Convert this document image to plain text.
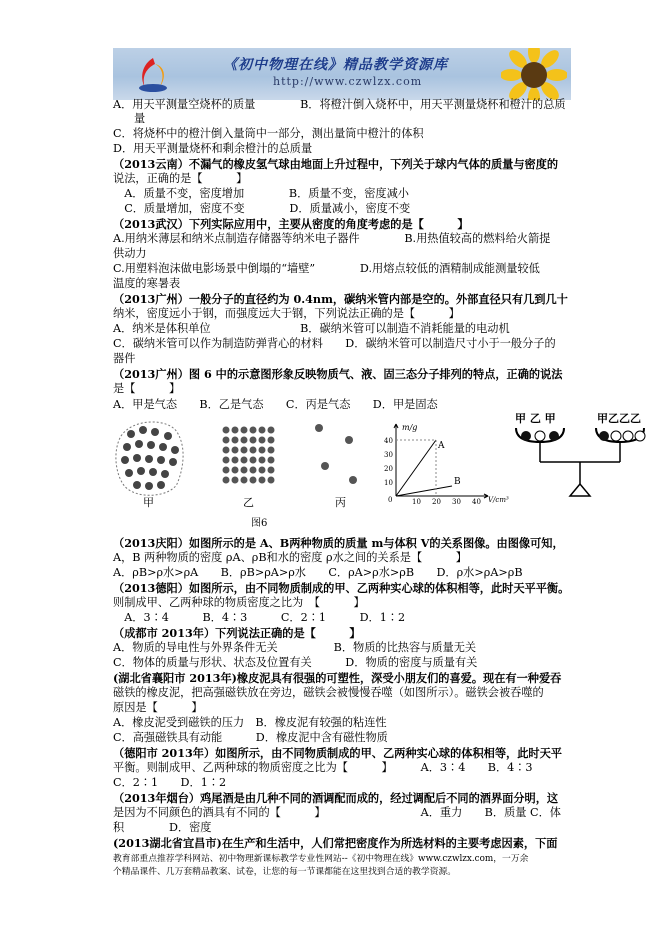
《初中物理在线》精品教学资源库
http://www.czwlzx.com
A．用天平测量空烧杯的质量　　　　B．将橙汁倒入烧杯中，用天平测量烧杯和橙汁的总质
量
C．将烧杯中的橙汁倒入量筒中一部分，测出量筒中橙汁的体积
D．用天平测量烧杯和剩余橙汁的总质量
（2013云南）不漏气的橡皮氢气球由地面上升过程中，下列关于球内气体的质量与密度的
说法，正确的是【　　　】
　A．质量不变，密度增加　　　　B．质量不变，密度减小
　C．质量增加，密度不变　　　　D．质量减小，密度不变
（2013武汉）下列实际应用中，主要从密度的角度考虑的是【　　　】
A.用纳米薄层和纳米点制造存储器等纳米电子器件　　　　B.用热值较高的燃料给火箭提
供动力
C.用塑料泡沫做电影场景中倒塌的“墙壁”　　　　D.用熔点较低的酒精制成能测量较低
温度的寒暑表
（2013广州）一般分子的直径约为 0.4nm，碳纳米管内部是空的。外部直径只有几到几十
纳米，密度远小于钢，而强度远大于钢，下列说法正确的是【　　　】
A．纳米是体积单位　　　　　　　　B．碳纳米管可以制造不消耗能量的电动机
C．碳纳米管可以作为制造防弹背心的材料　　D．碳纳米管可以制造尺寸小于一般分子的
器件
（2013广州）图 6 中的示意图形象反映物质气、液、固三态分子排列的特点，正确的说法
是【　　　】
A．甲是气态　　B．乙是气态　　C．丙是气态　　D．甲是固态
甲	乙	丙
图6
m/g
V/cm³
A
B
40
30
20
10
0	10 20 30 40
甲 乙 甲	甲乙乙乙
（2013庆阳）如图所示的是 A、B两种物质的质量 m与体积 V的关系图像。由图像可知，
A，B 两种物质的密度 ρA、ρB和水的密度 ρ水之间的关系是【　　　】
A．ρB>ρ水>ρA　　B．ρB>ρA>ρ水　　C．ρA>ρ水>ρB　　D．ρ水>ρA>ρB
（2013德阳）如图所示，由不同物质制成的甲、乙两种实心球的体积相等，此时天平平衡。
则制成甲、乙两种球的物质密度之比为　【　　　】
　A．3∶4　　　B．4∶3　　　C．2∶1　　　D．1∶2
（成都市 2013年）下列说法正确的是【　　　】
A．物质的导电性与外界条件无关　　　　　B．物质的比热容与质量无关
C．物体的质量与形状、状态及位置有关　　　D．物质的密度与质量有关
(湖北省襄阳市 2013年)橡皮泥具有很强的可塑性，深受小朋友们的喜爱。现在有一种爱吞
磁铁的橡皮泥，把高强磁铁放在旁边，磁铁会被慢慢吞噬（如图所示）。磁铁会被吞噬的
原因是【　　　】
A．橡皮泥受到磁铁的压力　B．橡皮泥有较强的粘连性
C．高强磁铁具有动能　　　D．橡皮泥中含有磁性物质
（德阳市 2013年）如图所示，由不同物质制成的甲、乙两种实心球的体积相等，此时天平
平衡。则制成甲、乙两种球的物质密度之比为【　　　】　　　A．3∶4　　B．4∶3
C．2∶1　　D．1∶2
（2013年烟台）鸡尾酒是由几种不同的酒调配而成的，经过调配后不同的酒界面分明，这
是因为不同颜色的酒具有不同的【　　　】　　　　　　　　　A．重力　　B．质量 C．体
积　　　　D．密度
(2013湖北省宜昌市)在生产和生活中，人们常把密度作为所选材料的主要考虑因素，下面
教育部重点推荐学科网站、初中物理新课标教学专业性网站--《初中物理在线》www.czwlzx.com，一万余
个精品课件、几万套精品教案、试卷，让您的每一节课都能在这里找到合适的教学资源。
